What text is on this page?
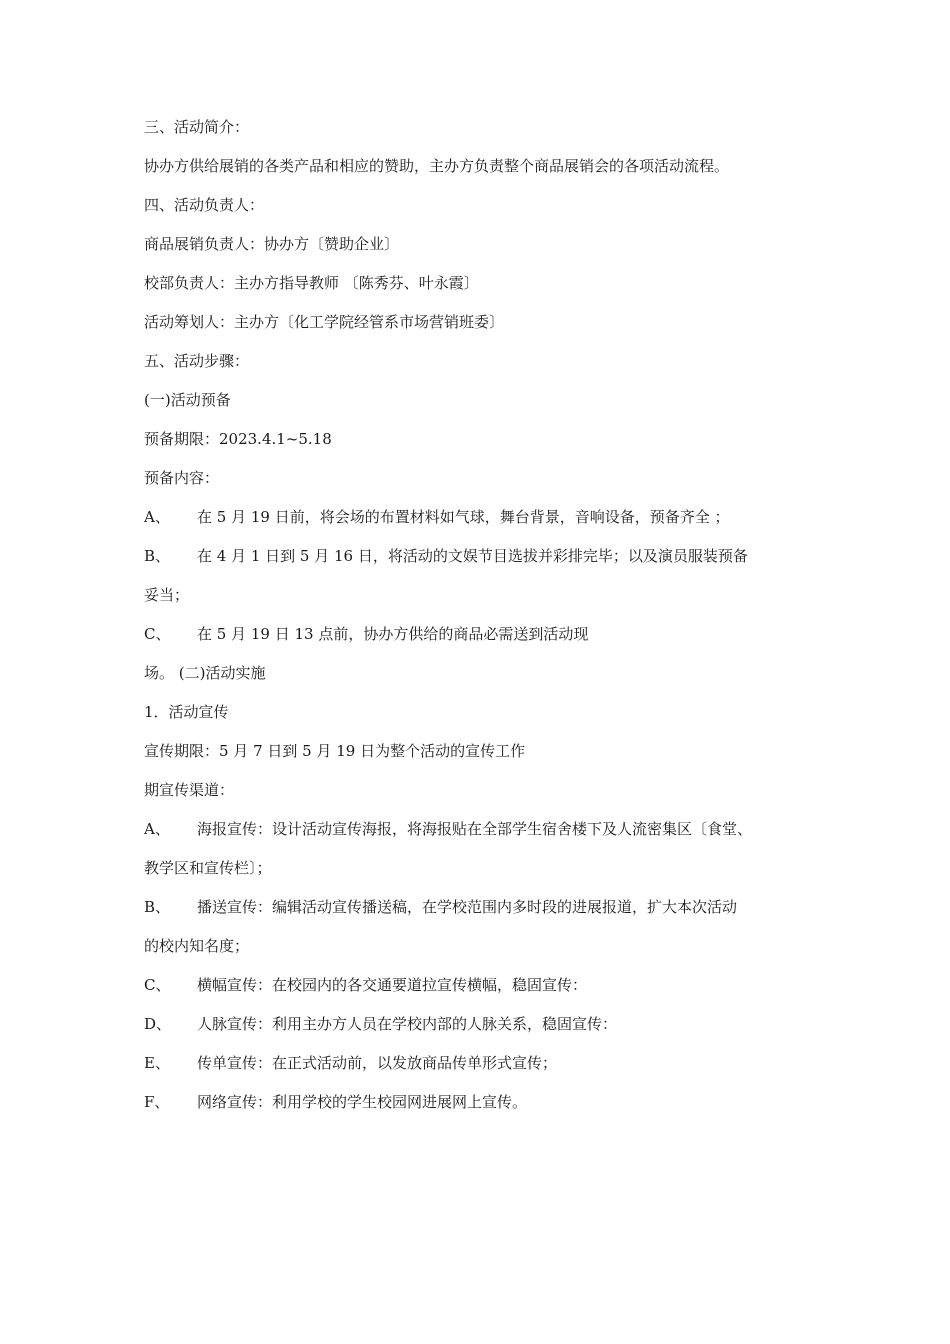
三、活动简介：

协办方供给展销的各类产品和相应的赞助，主办方负责整个商品展销会的各项活动流程。

四、活动负责人：

商品展销负责人：协办方〔赞助企业〕

校部负责人：主办方指导教师 〔陈秀芬、叶永霞〕

活动筹划人：主办方〔化工学院经管系市场营销班委〕

五、活动步骤：

(一)活动预备

预备期限：2023.4.1~5.18

预备内容：

A、	在 5 月 19 日前，将会场的布置材料如气球，舞台背景，音响设备，预备齐全 ；
B、	在 4 月 1 日到 5 月 16 日，将活动的文娱节目选拔并彩排完毕；以及演员服装预备

妥当；

C、	在 5 月 19 日 13 点前，协办方供给的商品必需送到活动现

场。 (二)活动实施

1．活动宣传

宣传期限：5 月 7 日到 5 月 19 日为整个活动的宣传工作

期宣传渠道：

A、	海报宣传：设计活动宣传海报，将海报贴在全部学生宿舍楼下及人流密集区〔食堂、

教学区和宣传栏〕；

B、	播送宣传：编辑活动宣传播送稿，在学校范围内多时段的进展报道，扩大本次活动

的校内知名度；

C、	横幅宣传：在校园内的各交通要道拉宣传横幅，稳固宣传：
D、	人脉宣传：利用主办方人员在学校内部的人脉关系，稳固宣传：
E、	传单宣传：在正式活动前，以发放商品传单形式宣传；
F、	网络宣传：利用学校的学生校园网进展网上宣传。
